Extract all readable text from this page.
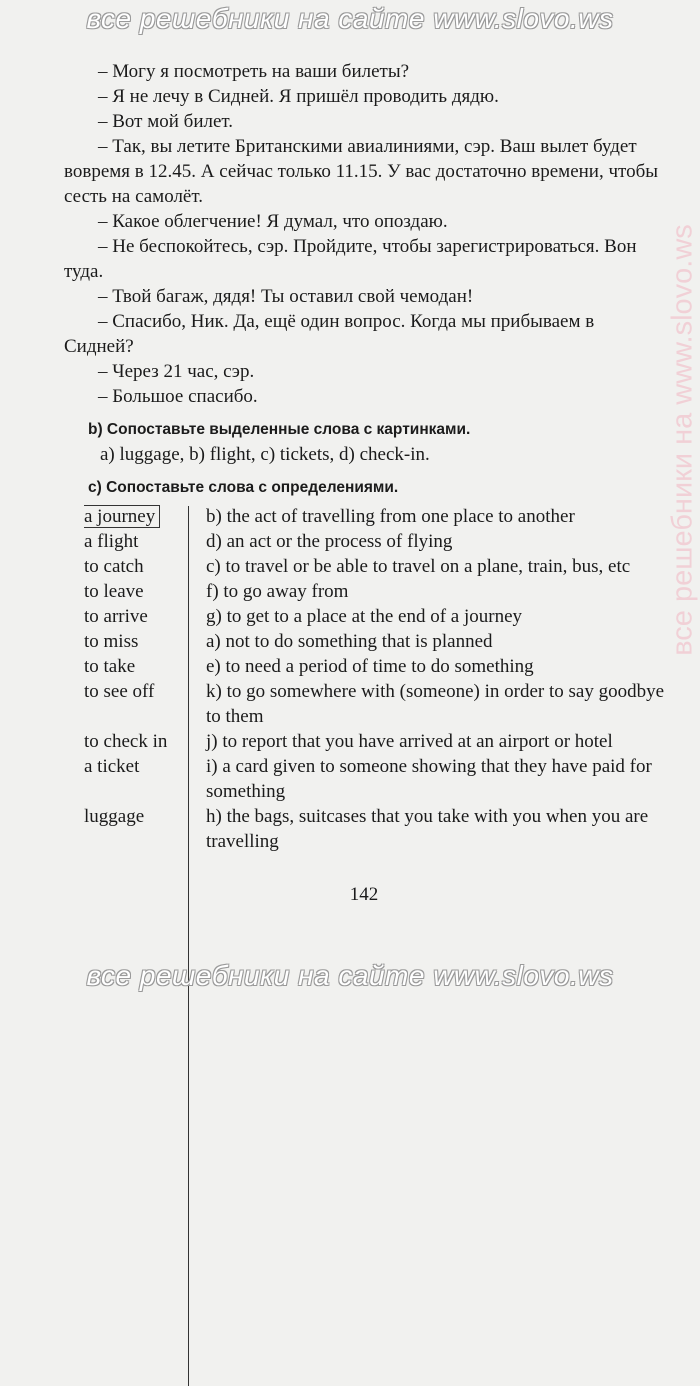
все решебники на сайте www.slovo.ws
все решебники на www.slovo.ws

– Могу я посмотреть на ваши билеты?

– Я не лечу в Сидней. Я пришёл проводить дядю.

– Вот мой билет.

– Так, вы летите Британскими авиалиниями, сэр. Ваш вылет будет вовремя в 12.45. А сейчас только 11.15. У вас достаточно времени, чтобы сесть на самолёт.

– Какое облегчение! Я думал, что опоздаю.

– Не беспокойтесь, сэр. Пройдите, чтобы зарегистрироваться. Вон туда.

– Твой багаж, дядя! Ты оставил свой чемодан!

– Спасибо, Ник. Да, ещё один вопрос. Когда мы прибываем в Сидней?

– Через 21 час, сэр.

– Большое спасибо.

b) Сопоставьте выделенные слова с картинками.

a) luggage, b) flight, c) tickets, d) check-in.

c) Сопоставьте слова с определениями.

a journey	b) the act of travelling from one place to another
a flight	d) an act or the process of flying
to catch	c) to travel or be able to travel on a plane, train, bus, etc
to leave	f) to go away from
to arrive	g) to get to a place at the end of a journey
to miss	a) not to do something that is planned
to take	e) to need a period of time to do something
to see off	k) to go somewhere with (someone) in order to say goodbye to them
to check in	j) to report that you have arrived at an airport or hotel
a ticket	i) a card given to someone showing that they have paid for something
luggage	h) the bags, suitcases that you take with you when you are travelling

142

все решебники на сайте www.slovo.ws
